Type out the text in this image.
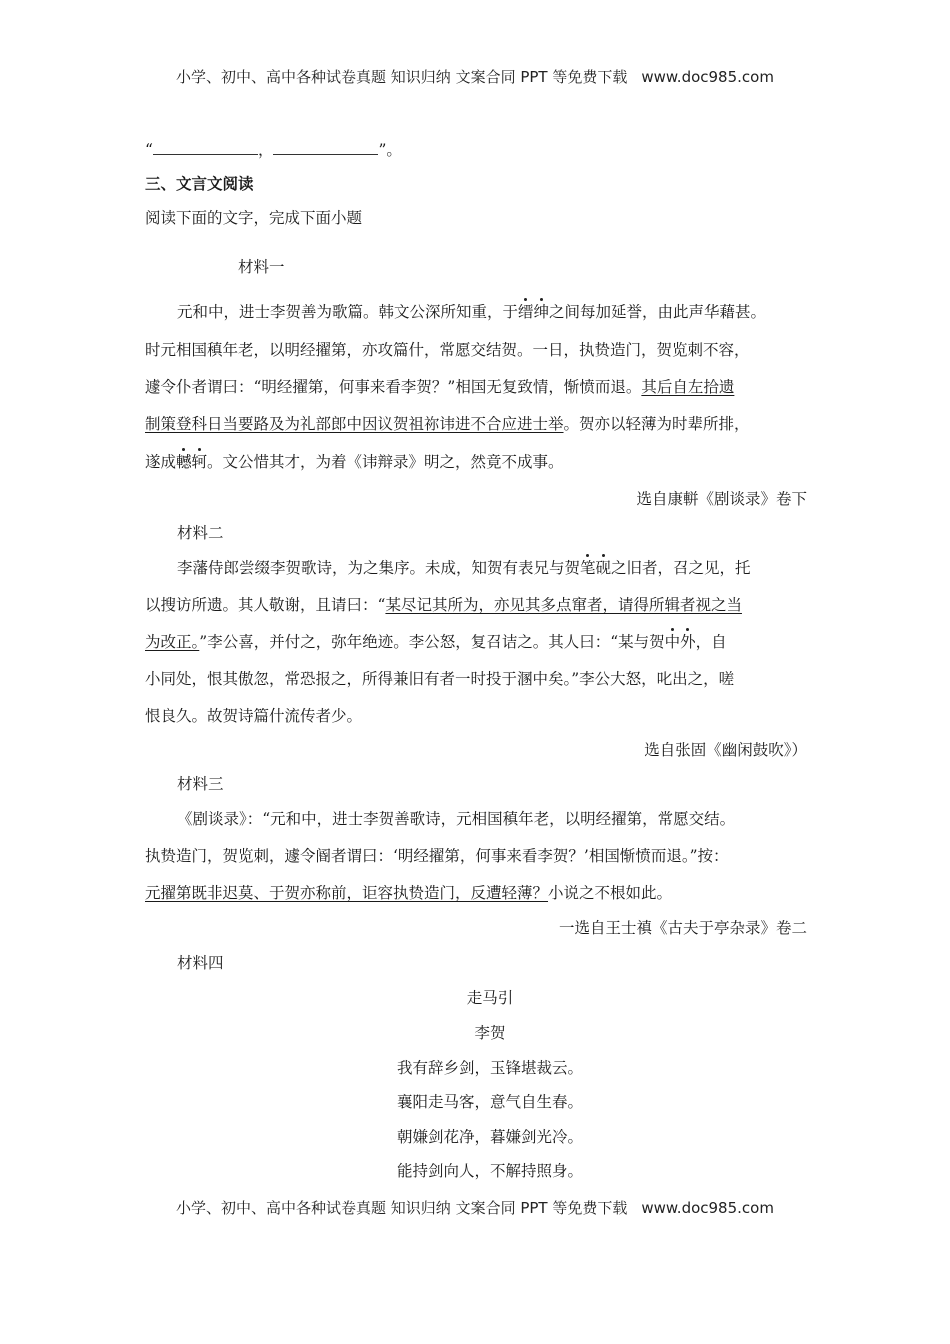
小学、初中、高中各种试卷真题 知识归纳 文案合同 PPT 等免费下载 www.doc985.com
“	，	”。
三、文言文阅读
阅读下面的文字，完成下面小题
材料一
元和中，进士李贺善为歌篇。韩文公深所知重，于缙绅之间每加延誉，由此声华藉甚。
时元相国稹年老，以明经擢第，亦攻篇什，常愿交结贺。一日，执贽造门，贺览刺不容，
遽令仆者谓曰：“明经擢第，何事来看李贺？”相国无复致情，惭愤而退。其后自左拾遗
制策登科日当要路及为礼部郎中因议贺祖祢讳进不合应进士举。贺亦以轻薄为时辈所排，
遂成轗轲。文公惜其才，为着《讳辩录》明之，然竟不成事。
选自康軿《剧谈录》卷下
材料二
李藩侍郎尝缀李贺歌诗，为之集序。未成，知贺有表兄与贺笔砚之旧者，召之见，托
以搜访所遗。其人敬谢，且请曰：“某尽记其所为，亦见其多点窜者，请得所辑者视之当
为改正。”李公喜，并付之，弥年绝迹。李公怒，复召诘之。其人曰：“某与贺中外，自
小同处，恨其傲忽，常恐报之，所得兼旧有者一时投于溷中矣。”李公大怒，叱出之，嗟
恨良久。故贺诗篇什流传者少。
选自张固《幽闲鼓吹》）
材料三
《剧谈录》：“元和中，进士李贺善歌诗，元相国稹年老，以明经擢第，常愿交结。
执贽造门，贺览刺，遽令阍者谓曰：‘明经擢第，何事来看李贺？’相国惭愤而退。”按：
元擢第既非迟莫、于贺亦称前，讵容执贽造门，反遭轻薄？小说之不根如此。
一选自王士禛《古夫于亭杂录》卷二
材料四
走马引
李贺
我有辞乡剑，玉锋堪裁云。
襄阳走马客，意气自生春。
朝嫌剑花净，暮嫌剑光冷。
能持剑向人，不解持照身。
小学、初中、高中各种试卷真题 知识归纳 文案合同 PPT 等免费下载 www.doc985.com
